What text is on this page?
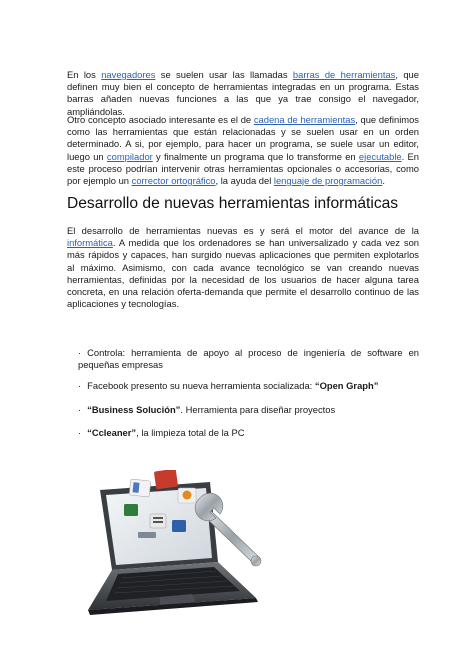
En los navegadores se suelen usar las llamadas barras de herramientas, que definen muy bien el concepto de herramientas integradas en un programa. Estas barras añaden nuevas funciones a las que ya trae consigo el navegador, ampliándolas.

Otro concepto asociado interesante es el de cadena de herramientas, que definimos como las herramientas que están relacionadas y se suelen usar en un orden determinado. A si, por ejemplo, para hacer un programa, se suele usar un editor, luego un compilador y finalmente un programa que lo transforme en ejecutable. En este proceso podrían intervenir otras herramientas opcionales o accesorias, como por ejemplo un corrector ortográfico, la ayuda del lenguaje de programación.

Desarrollo de nuevas herramientas informáticas

El desarrollo de herramientas nuevas es y será el motor del avance de la informática. A medida que los ordenadores se han universalizado y cada vez son más rápidos y capaces, han surgido nuevas aplicaciones que permiten explotarlos al máximo. Asimismo, con cada avance tecnológico se van creando nuevas herramientas, definidas por la necesidad de los usuarios de hacer alguna tarea concreta, en una relación oferta-demanda que permite el desarrollo continuo de las aplicaciones y tecnologías.

· Controla: herramienta de apoyo al proceso de ingeniería de software en pequeñas empresas

· Facebook presento su nueva herramienta socializada: “Open Graph”

· “Business Solución”. Herramienta para diseñar proyectos

· “Ccleaner”, la limpieza total de la PC
